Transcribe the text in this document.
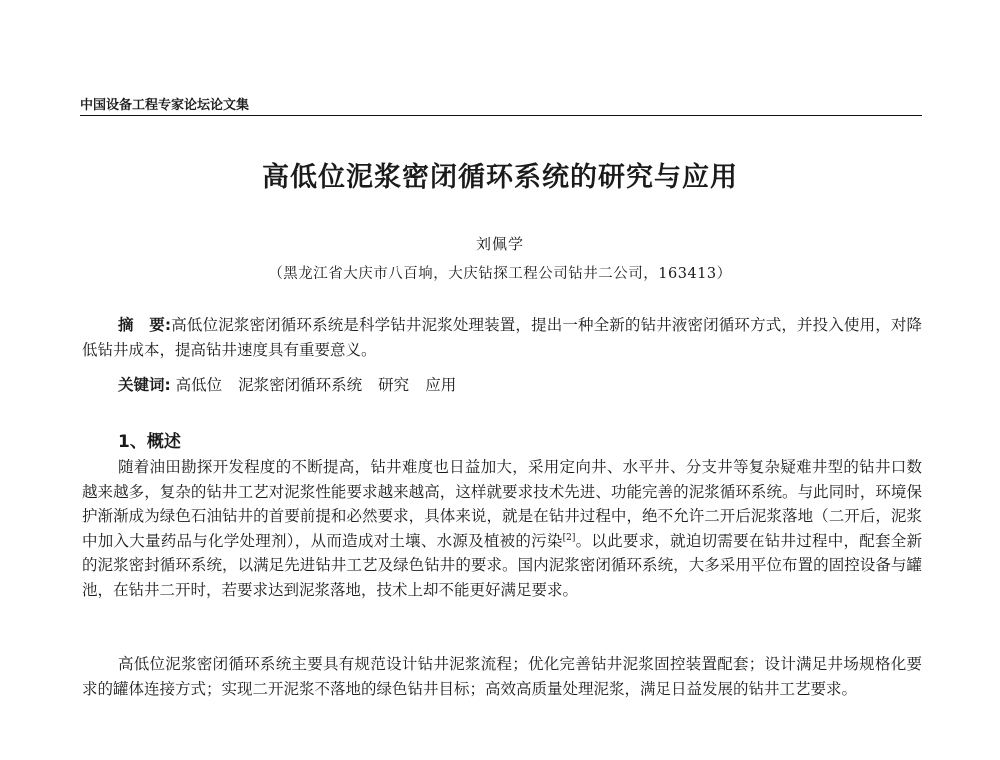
中国设备工程专家论坛论文集
高低位泥浆密闭循环系统的研究与应用
刘佩学
（黑龙江省大庆市八百垧，大庆钻探工程公司钻井二公司，163413）
摘　要:高低位泥浆密闭循环系统是科学钻井泥浆处理装置，提出一种全新的钻井液密闭循环方式，并投入使用，对降低钻井成本，提高钻井速度具有重要意义。
关键词: 高低位 泥浆密闭循环系统 研究 应用
1、概述

随着油田勘探开发程度的不断提高，钻井难度也日益加大，采用定向井、水平井、分支井等复杂疑难井型的钻井口数越来越多，复杂的钻井工艺对泥浆性能要求越来越高，这样就要求技术先进、功能完善的泥浆循环系统。与此同时，环境保护渐渐成为绿色石油钻井的首要前提和必然要求，具体来说，就是在钻井过程中，绝不允许二开后泥浆落地（二开后，泥浆中加入大量药品与化学处理剂），从而造成对土壤、水源及植被的污染[2]。以此要求，就迫切需要在钻井过程中，配套全新的泥浆密封循环系统，以满足先进钻井工艺及绿色钻井的要求。国内泥浆密闭循环系统，大多采用平位布置的固控设备与罐池，在钻井二开时，若要求达到泥浆落地，技术上却不能更好满足要求。

高低位泥浆密闭循环系统主要具有规范设计钻井泥浆流程；优化完善钻井泥浆固控装置配套；设计满足井场规格化要求的罐体连接方式；实现二开泥浆不落地的绿色钻井目标；高效高质量处理泥浆，满足日益发展的钻井工艺要求。
